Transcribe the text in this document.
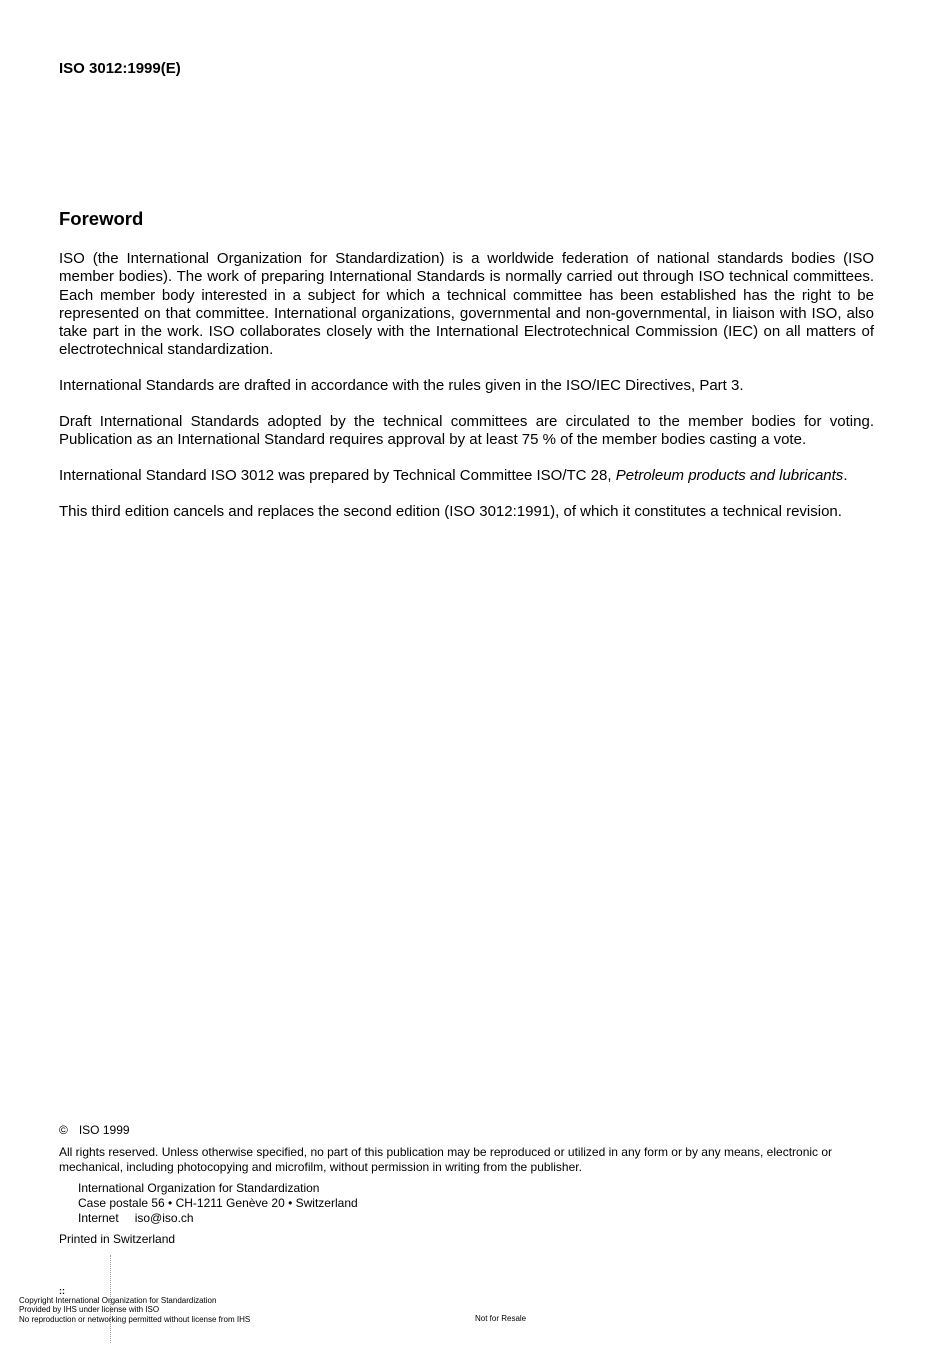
ISO 3012:1999(E)
Foreword

ISO (the International Organization for Standardization) is a worldwide federation of national standards bodies (ISO member bodies). The work of preparing International Standards is normally carried out through ISO technical committees. Each member body interested in a subject for which a technical committee has been established has the right to be represented on that committee. International organizations, governmental and non-governmental, in liaison with ISO, also take part in the work. ISO collaborates closely with the International Electrotechnical Commission (IEC) on all matters of electrotechnical standardization.

International Standards are drafted in accordance with the rules given in the ISO/IEC Directives, Part 3.

Draft International Standards adopted by the technical committees are circulated to the member bodies for voting. Publication as an International Standard requires approval by at least 75 % of the member bodies casting a vote.

International Standard ISO 3012 was prepared by Technical Committee ISO/TC 28, Petroleum products and lubricants.

This third edition cancels and replaces the second edition (ISO 3012:1991), of which it constitutes a technical revision.

© ISO 1999
All rights reserved. Unless otherwise specified, no part of this publication may be reproduced or utilized in any form or by any means, electronic or mechanical, including photocopying and microfilm, without permission in writing from the publisher.
International Organization for Standardization
Case postale 56 • CH-1211 Genève 20 • Switzerland
Internet iso@iso.ch
Printed in Switzerland
::
Copyright International Organization for Standardization
Provided by IHS under license with ISO
No reproduction or networking permitted without license from IHS	Not for Resale
